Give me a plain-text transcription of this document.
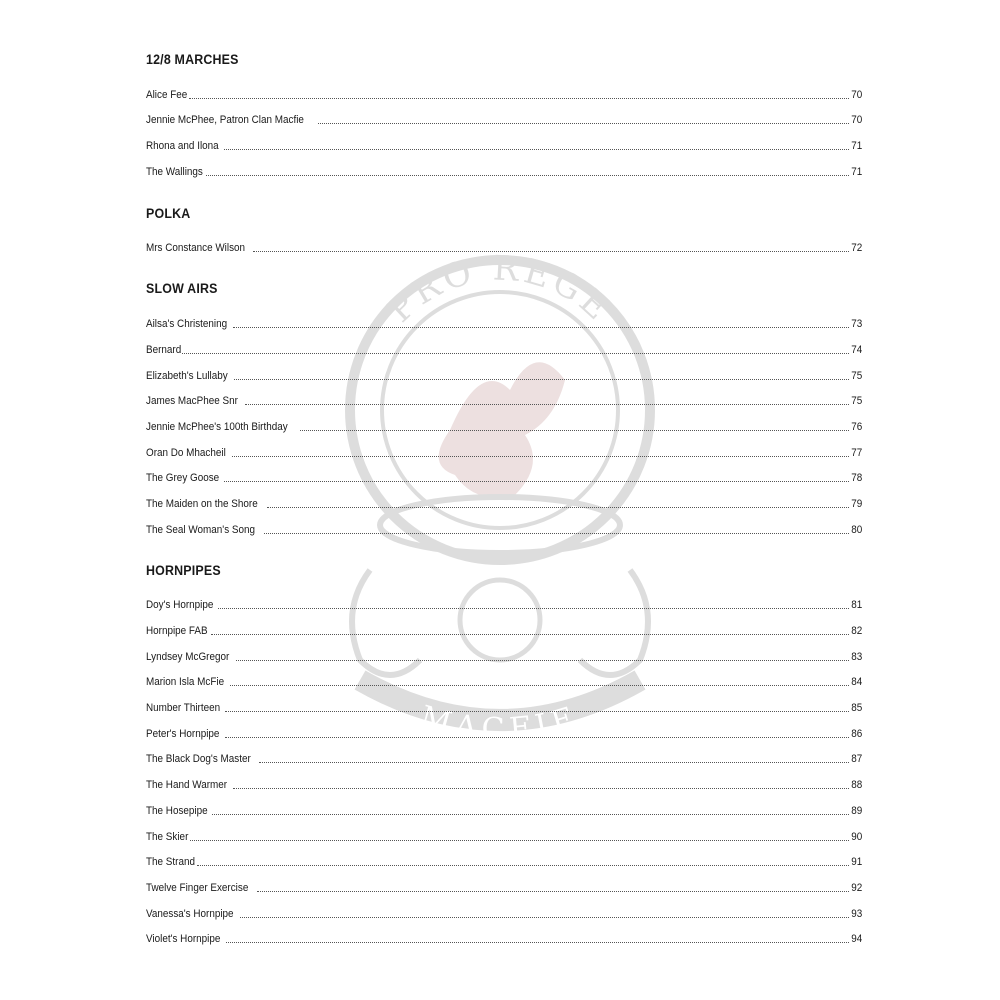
PRO REGE
MACFIE
12/8 MARCHES
Alice Fee	70
Jennie McPhee, Patron Clan Macfie	70
Rhona and Ilona	71
The Wallings	71
POLKA
Mrs Constance Wilson	72
SLOW AIRS
Ailsa's Christening	73
Bernard	74
Elizabeth's Lullaby	75
James MacPhee Snr	75
Jennie McPhee's 100th Birthday	76
Oran Do Mhacheil	77
The Grey Goose	78
The Maiden on the Shore	79
The Seal Woman's Song	80
HORNPIPES
Doy's Hornpipe	81
Hornpipe FAB	82
Lyndsey McGregor	83
Marion Isla McFie	84
Number Thirteen	85
Peter's Hornpipe	86
The Black Dog's Master	87
The Hand Warmer	88
The Hosepipe	89
The Skier	90
The Strand	91
Twelve Finger Exercise	92
Vanessa's Hornpipe	93
Violet's Hornpipe	94
